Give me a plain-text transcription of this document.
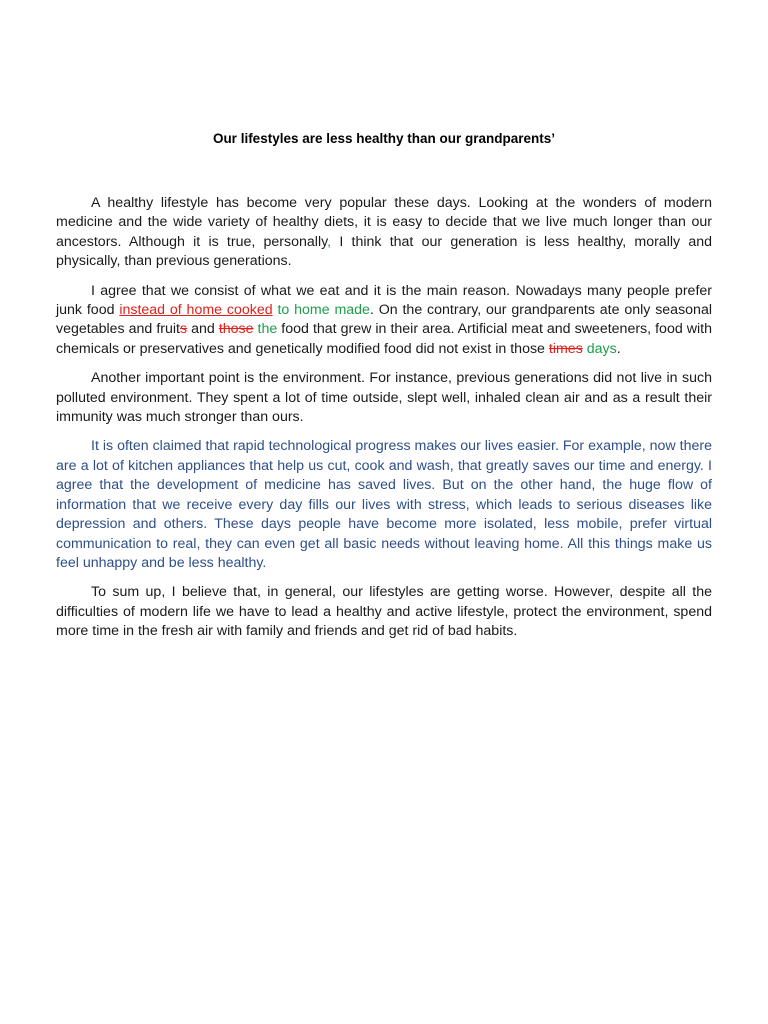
Our lifestyles are less healthy than our grandparents’

A healthy lifestyle has become very popular these days. Looking at the wonders of modern medicine and the wide variety of healthy diets, it is easy to decide that we live much longer than our ancestors. Although it is true, personally, I think that our generation is less healthy, morally and physically, than previous generations.

I agree that we consist of what we eat and it is the main reason. Nowadays many people prefer junk food instead of home cooked to home made. On the contrary, our grandparents ate only seasonal vegetables and fruits and those the food that grew in their area. Artificial meat and sweeteners, food with chemicals or preservatives and genetically modified food did not exist in those times days.

Another important point is the environment. For instance, previous generations did not live in such polluted environment. They spent a lot of time outside, slept well, inhaled clean air and as a result their immunity was much stronger than ours.

It is often claimed that rapid technological progress makes our lives easier. For example, now there are a lot of kitchen appliances that help us cut, cook and wash, that greatly saves our time and energy. I agree that the development of medicine has saved lives. But on the other hand, the huge flow of information that we receive every day fills our lives with stress, which leads to serious diseases like depression and others. These days people have become more isolated, less mobile, prefer virtual communication to real, they can even get all basic needs without leaving home. All this things make us feel unhappy and be less healthy.

To sum up, I believe that, in general, our lifestyles are getting worse. However, despite all the difficulties of modern life we have to lead a healthy and active lifestyle, protect the environment, spend more time in the fresh air with family and friends and get rid of bad habits.
